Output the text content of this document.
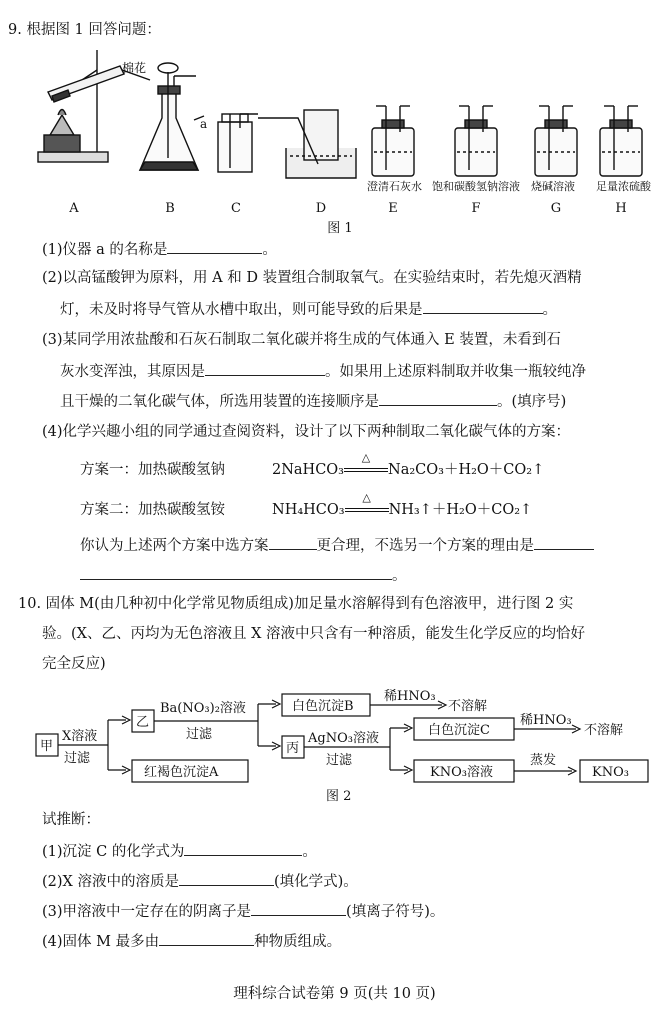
9. 根据图 1 回答问题：
棉花
a
澄清石灰水 饱和碳酸氢钠溶液 烧碱溶液 足量浓硫酸
A	B	C	D	E	F	G	H
图 1
(1)仪器 a 的名称是	。
(2)以高锰酸钾为原料，用 A 和 D 装置组合制取氧气。在实验结束时，若先熄灭酒精
灯，未及时将导气管从水槽中取出，则可能导致的后果是	。
(3)某同学用浓盐酸和石灰石制取二氧化碳并将生成的气体通入 E 装置，未看到石
灰水变浑浊，其原因是	。如果用上述原料制取并收集一瓶较纯净
且干燥的二氧化碳气体，所选用装置的连接顺序是	。(填序号)
(4)化学兴趣小组的同学通过查阅资料，设计了以下两种制取二氧化碳气体的方案：
方案一：加热碳酸氢钠	2NaHCO₃
△
Na₂CO₃＋H₂O＋CO₂↑
方案二：加热碳酸氢铵	NH₄HCO₃
△
NH₃↑＋H₂O＋CO₂↑
你认为上述两个方案中选方案	更合理，不选另一个方案的理由是
。
10. 固体 M(由几种初中化学常见物质组成)加足量水溶解得到有色溶液甲，进行图 2 实
验。(X、乙、丙均为无色溶液且 X 溶液中只含有一种溶质，能发生化学反应的均恰好
完全反应)
甲
X溶液
过滤
乙
Ba(NO₃)₂溶液
过滤
白色沉淀B
稀HNO₃
不溶解
丙
AgNO₃溶液
过滤
白色沉淀C
稀HNO₃
不溶解
红褐色沉淀A	KNO₃溶液
蒸发
KNO₃
图 2
试推断：
(1)沉淀 C 的化学式为	。
(2)X 溶液中的溶质是	(填化学式)。
(3)甲溶液中一定存在的阴离子是	(填离子符号)。
(4)固体 M 最多由	种物质组成。
理科综合试卷第 9 页(共 10 页)
